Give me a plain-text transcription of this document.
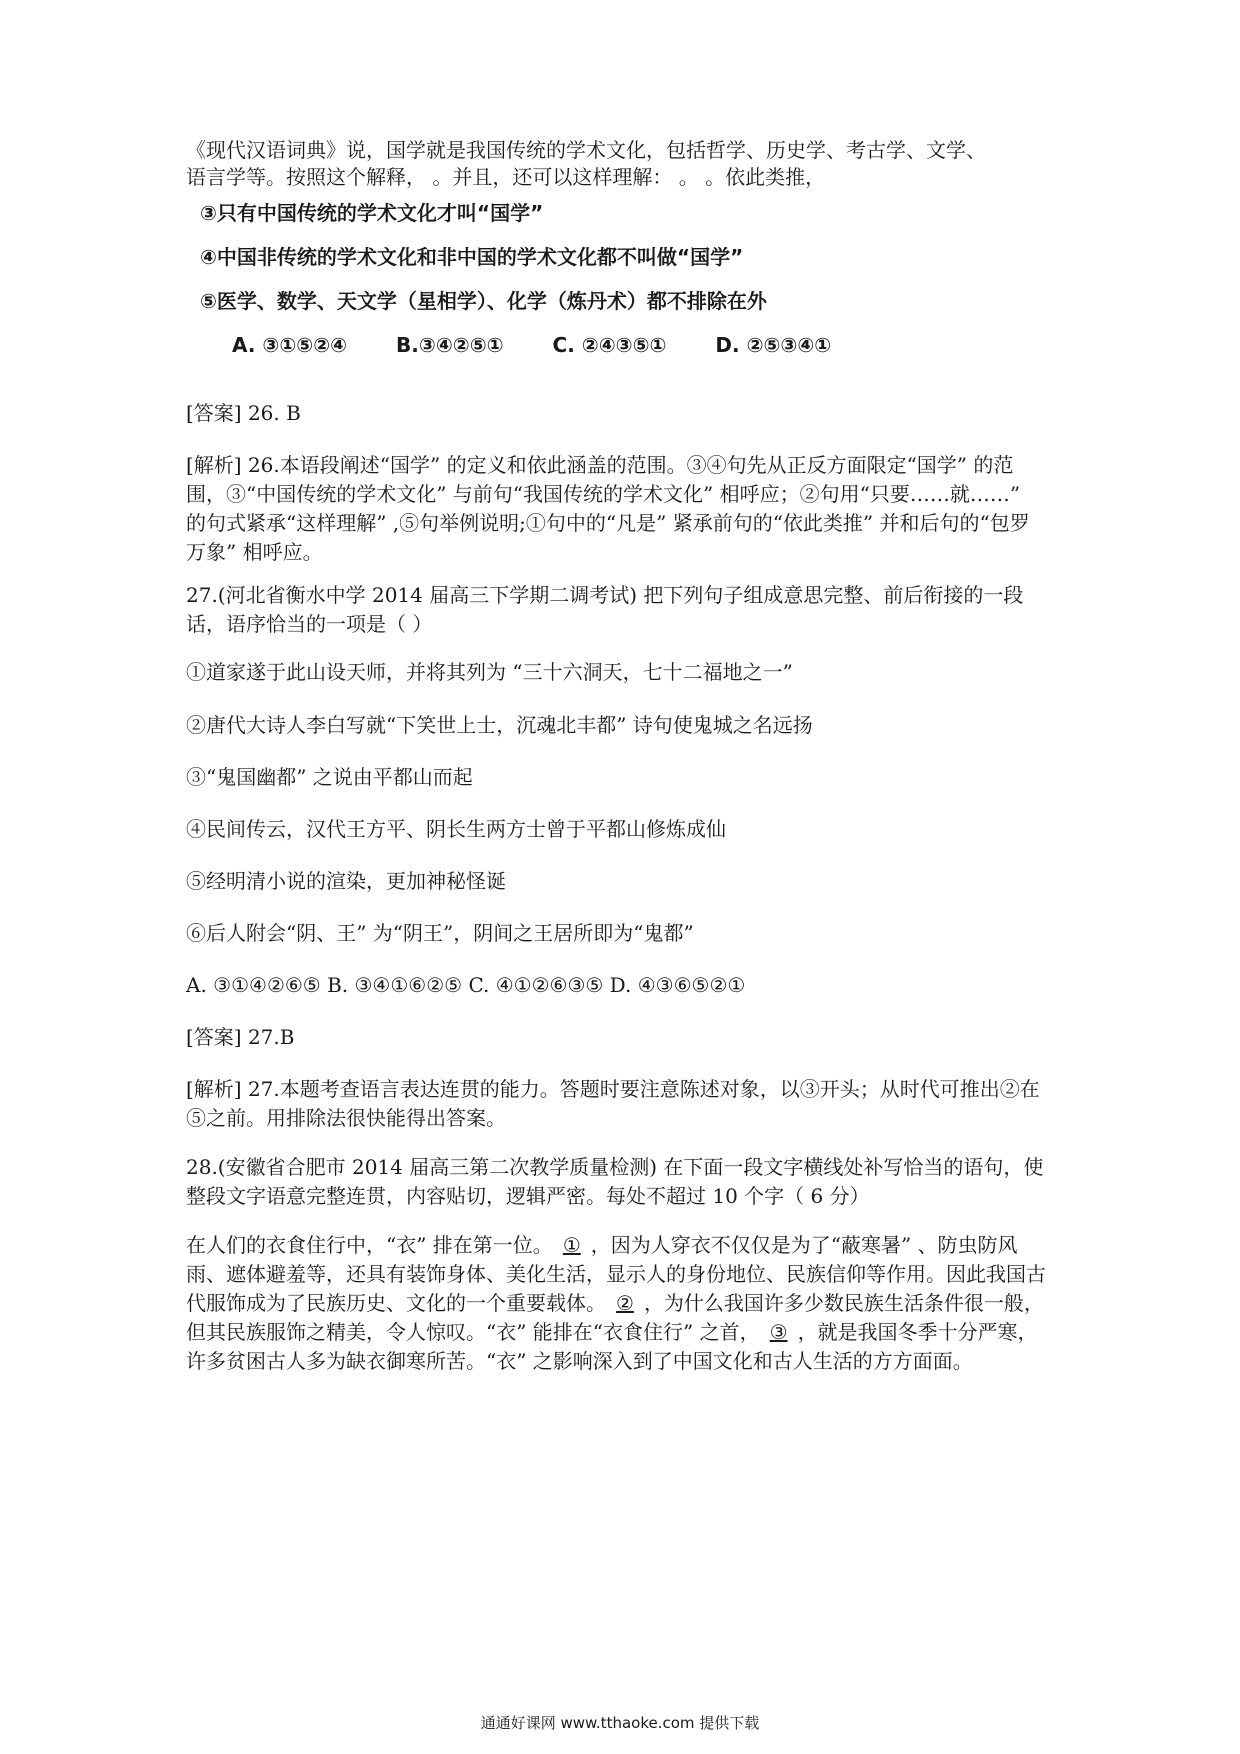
《现代汉语词典》说，国学就是我国传统的学术文化，包括哲学、历史学、考古学、文学、
语言学等。按照这个解释， 。并且，还可以这样理解： 。 。依此类推，
③只有中国传统的学术文化才叫“国学”
④中国非传统的学术文化和非中国的学术文化都不叫做“国学”
⑤医学、数学、天文学（星相学）、化学（炼丹术）都不排除在外
A. ③①⑤②④ B.③④②⑤① C. ②④③⑤① D. ②⑤③④①
[答案] 26. B
[解析] 26.本语段阐述“国学” 的定义和依此涵盖的范围。③④句先从正反方面限定“国学” 的范围，③“中国传统的学术文化” 与前句“我国传统的学术文化” 相呼应；②句用“只要……就……” 的句式紧承“这样理解” ,⑤句举例说明;①句中的“凡是” 紧承前句的“依此类推” 并和后句的“包罗万象” 相呼应。
27.(河北省衡水中学 2014 届高三下学期二调考试) 把下列句子组成意思完整、前后衔接的一段话，语序恰当的一项是（ ）
①道家遂于此山设天师，并将其列为 “三十六洞天，七十二福地之一”
②唐代大诗人李白写就“下笑世上士，沉魂北丰都” 诗句使鬼城之名远扬
③“鬼国幽都” 之说由平都山而起
④民间传云，汉代王方平、阴长生两方士曾于平都山修炼成仙
⑤经明清小说的渲染，更加神秘怪诞
⑥后人附会“阴、王” 为“阴王”，阴间之王居所即为“鬼都”
A. ③①④②⑥⑤ B. ③④①⑥②⑤ C. ④①②⑥③⑤ D. ④③⑥⑤②①
[答案] 27.B
[解析] 27.本题考查语言表达连贯的能力。答题时要注意陈述对象，以③开头；从时代可推出②在⑤之前。用排除法很快能得出答案。
28.(安徽省合肥市 2014 届高三第二次教学质量检测) 在下面一段文字横线处补写恰当的语句，使整段文字语意完整连贯，内容贴切，逻辑严密。每处不超过 10 个字（ 6 分）
在人们的衣食住行中，“衣” 排在第一位。 ① ，因为人穿衣不仅仅是为了“蔽寒暑” 、防虫防风雨、遮体避羞等，还具有装饰身体、美化生活，显示人的身份地位、民族信仰等作用。因此我国古代服饰成为了民族历史、文化的一个重要载体。 ② ，为什么我国许多少数民族生活条件很一般，但其民族服饰之精美，令人惊叹。“衣” 能排在“衣食住行” 之首， ③ ，就是我国冬季十分严寒，许多贫困古人多为缺衣御寒所苦。“衣” 之影响深入到了中国文化和古人生活的方方面面。
通通好课网 www.tthaoke.com 提供下载
